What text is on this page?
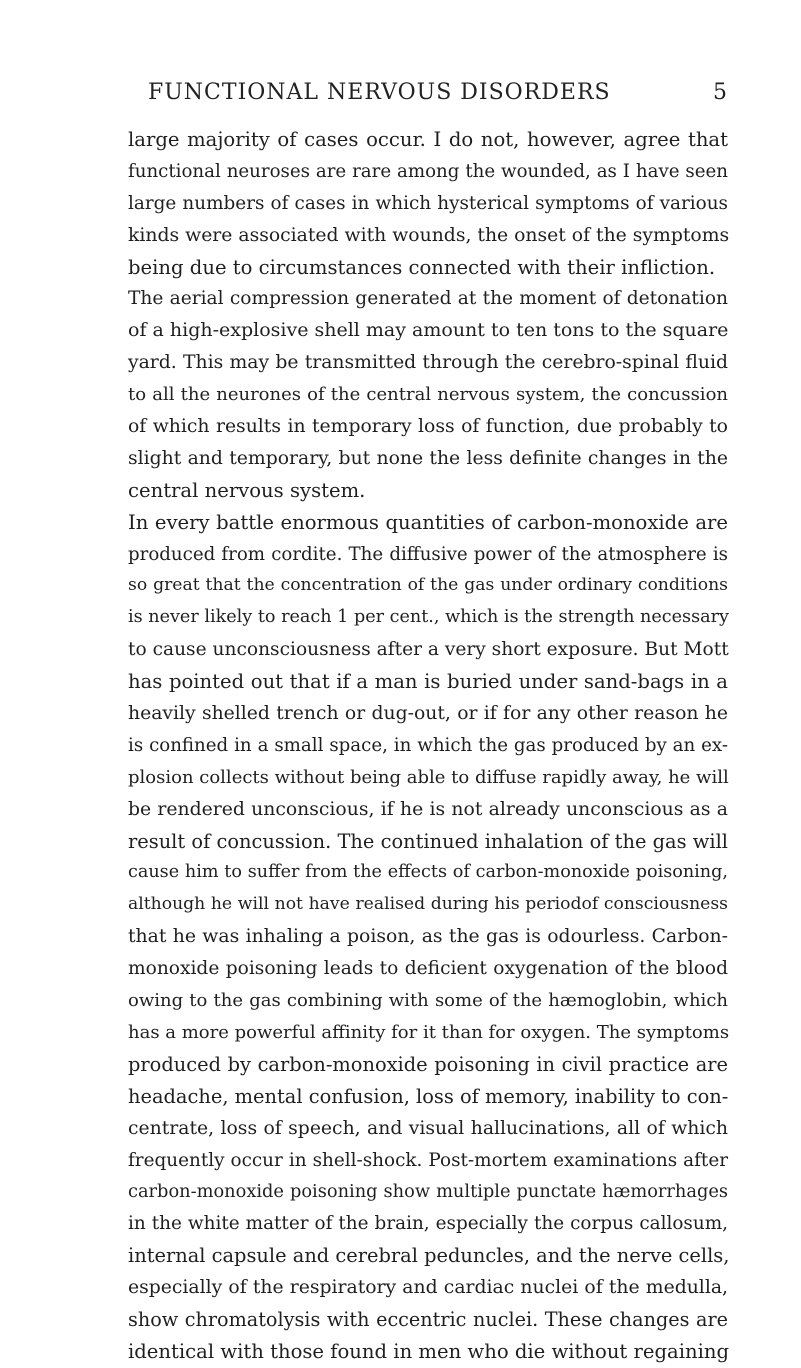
FUNCTIONAL NERVOUS DISORDERS	5
large majority of cases occur. I do not, however, agree that
functional neuroses are rare among the wounded, as I have seen
large numbers of cases in which hysterical symptoms of various
kinds were associated with wounds, the onset of the symptoms
being due to circumstances connected with their infliction.
The aerial compression generated at the moment of detonation
of a high-explosive shell may amount to ten tons to the square
yard. This may be transmitted through the cerebro-spinal fluid
to all the neurones of the central nervous system, the concussion
of which results in temporary loss of function, due probably to
slight and temporary, but none the less definite changes in the
central nervous system.
In every battle enormous quantities of carbon-monoxide are
produced from cordite. The diffusive power of the atmosphere is
so great that the concentration of the gas under ordinary conditions
is never likely to reach 1 per cent., which is the strength necessary
to cause unconsciousness after a very short exposure. But Mott
has pointed out that if a man is buried under sand-bags in a
heavily shelled trench or dug-out, or if for any other reason he
is confined in a small space, in which the gas produced by an ex-
plosion collects without being able to diffuse rapidly away, he will
be rendered unconscious, if he is not already unconscious as a
result of concussion. The continued inhalation of the gas will
cause him to suffer from the effects of carbon-monoxide poisoning,
although he will not have realised during his periodof consciousness
that he was inhaling a poison, as the gas is odourless. Carbon-
monoxide poisoning leads to deficient oxygenation of the blood
owing to the gas combining with some of the hæmoglobin, which
has a more powerful affinity for it than for oxygen. The symptoms
produced by carbon-monoxide poisoning in civil practice are
headache, mental confusion, loss of memory, inability to con-
centrate, loss of speech, and visual hallucinations, all of which
frequently occur in shell-shock. Post-mortem examinations after
carbon-monoxide poisoning show multiple punctate hæmorrhages
in the white matter of the brain, especially the corpus callosum,
internal capsule and cerebral peduncles, and the nerve cells,
especially of the respiratory and cardiac nuclei of the medulla,
show chromatolysis with eccentric nuclei. These changes are
identical with those found in men who die without regaining
